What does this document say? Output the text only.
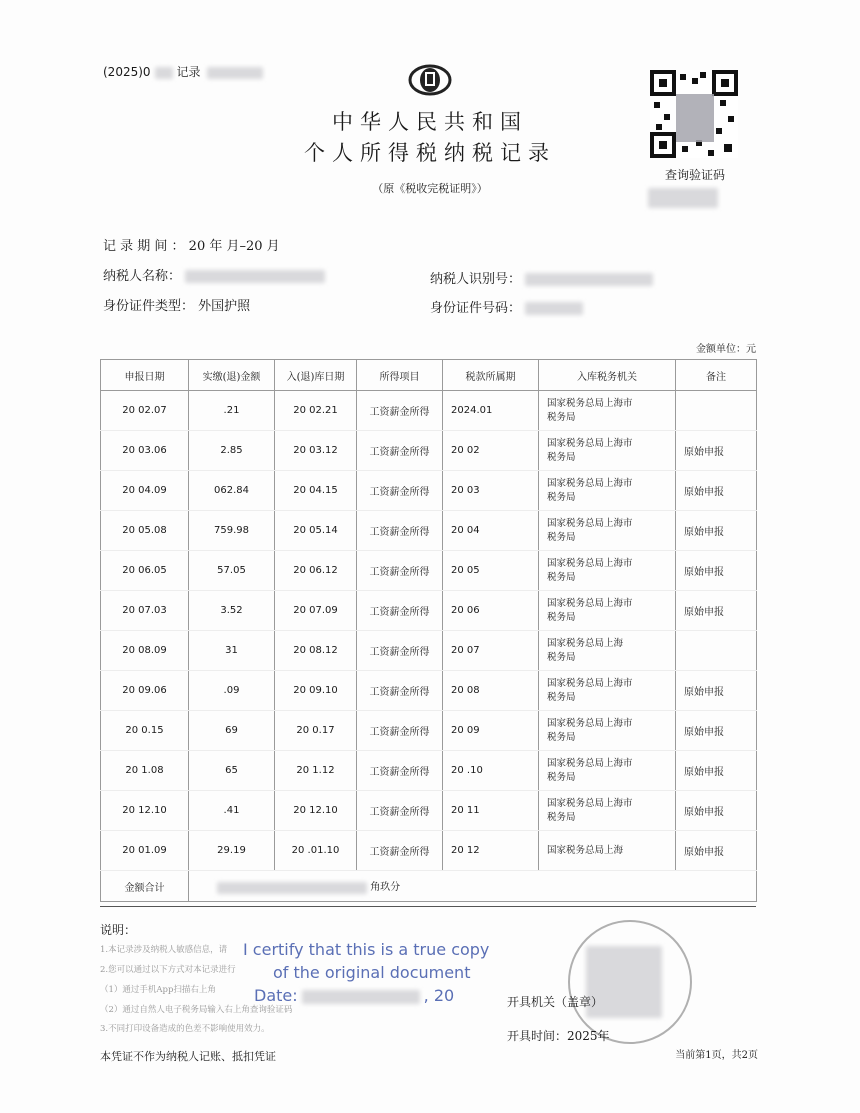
(2025)0 记录
中华人民共和国
个人所得税纳税记录
（原《税收完税证明》）
查询验证码
记 录 期 间 ： 20 年 月–20 月
纳税人名称：	纳税人识别号：
身份证件类型： 外国护照	身份证件号码：
金额单位：元
申报日期	实缴(退)金额	入(退)库日期	所得项目	税款所属期	入库税务机关	备注
20 02.07	.21	20 02.21	工资薪金所得	2024.01	国家税务总局上海市
税务局	

20 03.06	2.85	20 03.12	工资薪金所得	20 02	国家税务总局上海市
税务局	原始申报
20 04.09	062.84	20 04.15	工资薪金所得	20 03	国家税务总局上海市
税务局	原始申报
20 05.08	759.98	20 05.14	工资薪金所得	20 04	国家税务总局上海市
税务局	原始申报
20 06.05	57.05	20 06.12	工资薪金所得	20 05	国家税务总局上海市
税务局	原始申报
20 07.03	3.52	20 07.09	工资薪金所得	20 06	国家税务总局上海市
税务局	原始申报
20 08.09	31	20 08.12	工资薪金所得	20 07	国家税务总局上海
税务局	

20 09.06	.09	20 09.10	工资薪金所得	20 08	国家税务总局上海市
税务局	原始申报
20 0.15	69	20 0.17	工资薪金所得	20 09	国家税务总局上海市
税务局	原始申报
20 1.08	65	20 1.12	工资薪金所得	20 .10	国家税务总局上海市
税务局	原始申报
20 12.10	.41	20 12.10	工资薪金所得	20 11	国家税务总局上海市
税务局	原始申报
20 01.09	29.19	20 .01.10	工资薪金所得	20 12	国家税务总局上海	原始申报
金额合计	角玖分					
说明：
1.本记录涉及纳税人敏感信息，请
2.您可以通过以下方式对本记录进行
（1）通过手机App扫描右上角
（2）通过自然人电子税务局输入右上角查询验证码
3.不同打印设备造成的色差不影响使用效力。
I certify that this is a true copy
of the original document
Date:	, 20	开具机关（盖章）
开具时间：2025年
本凭证不作为纳税人记账、抵扣凭证	当前第1页，共2页
